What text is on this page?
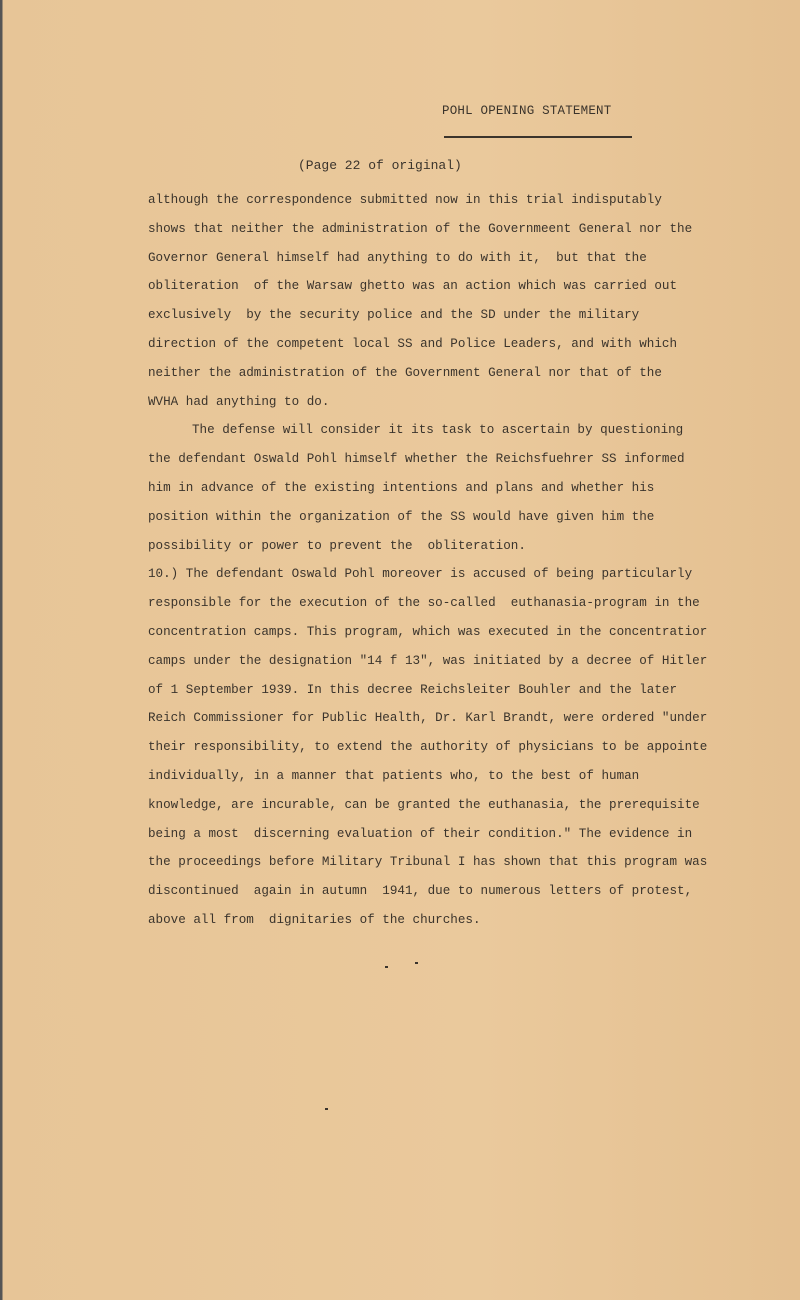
POHL OPENING STATEMENT
(Page 22 of original)
although the correspondence submitted now in this trial indisputably
shows that neither the administration of the Governmeent General nor the
Governor General himself had anything to do with it,  but that the
obliteration  of the Warsaw ghetto was an action which was carried out
exclusively  by the security police and the SD under the military
direction of the competent local SS and Police Leaders, and with which
neither the administration of the Government General nor that of the
WVHA had anything to do.
The defense will consider it its task to ascertain by questioning
the defendant Oswald Pohl himself whether the Reichsfuehrer SS informed
him in advance of the existing intentions and plans and whether his
position within the organization of the SS would have given him the
possibility or power to prevent the  obliteration.
10.) The defendant Oswald Pohl moreover is accused of being particularly
responsible for the execution of the so-called  euthanasia-program in the
concentration camps. This program, which was executed in the concentratior
camps under the designation "14 f 13", was initiated by a decree of Hitler
of 1 September 1939. In this decree Reichsleiter Bouhler and the later
Reich Commissioner for Public Health, Dr. Karl Brandt, were ordered "under
their responsibility, to extend the authority of physicians to be appointe
individually, in a manner that patients who, to the best of human
knowledge, are incurable, can be granted the euthanasia, the prerequisite
being a most  discerning evaluation of their condition." The evidence in
the proceedings before Military Tribunal I has shown that this program was
discontinued  again in autumn  1941, due to numerous letters of protest,
above all from  dignitaries of the churches.
